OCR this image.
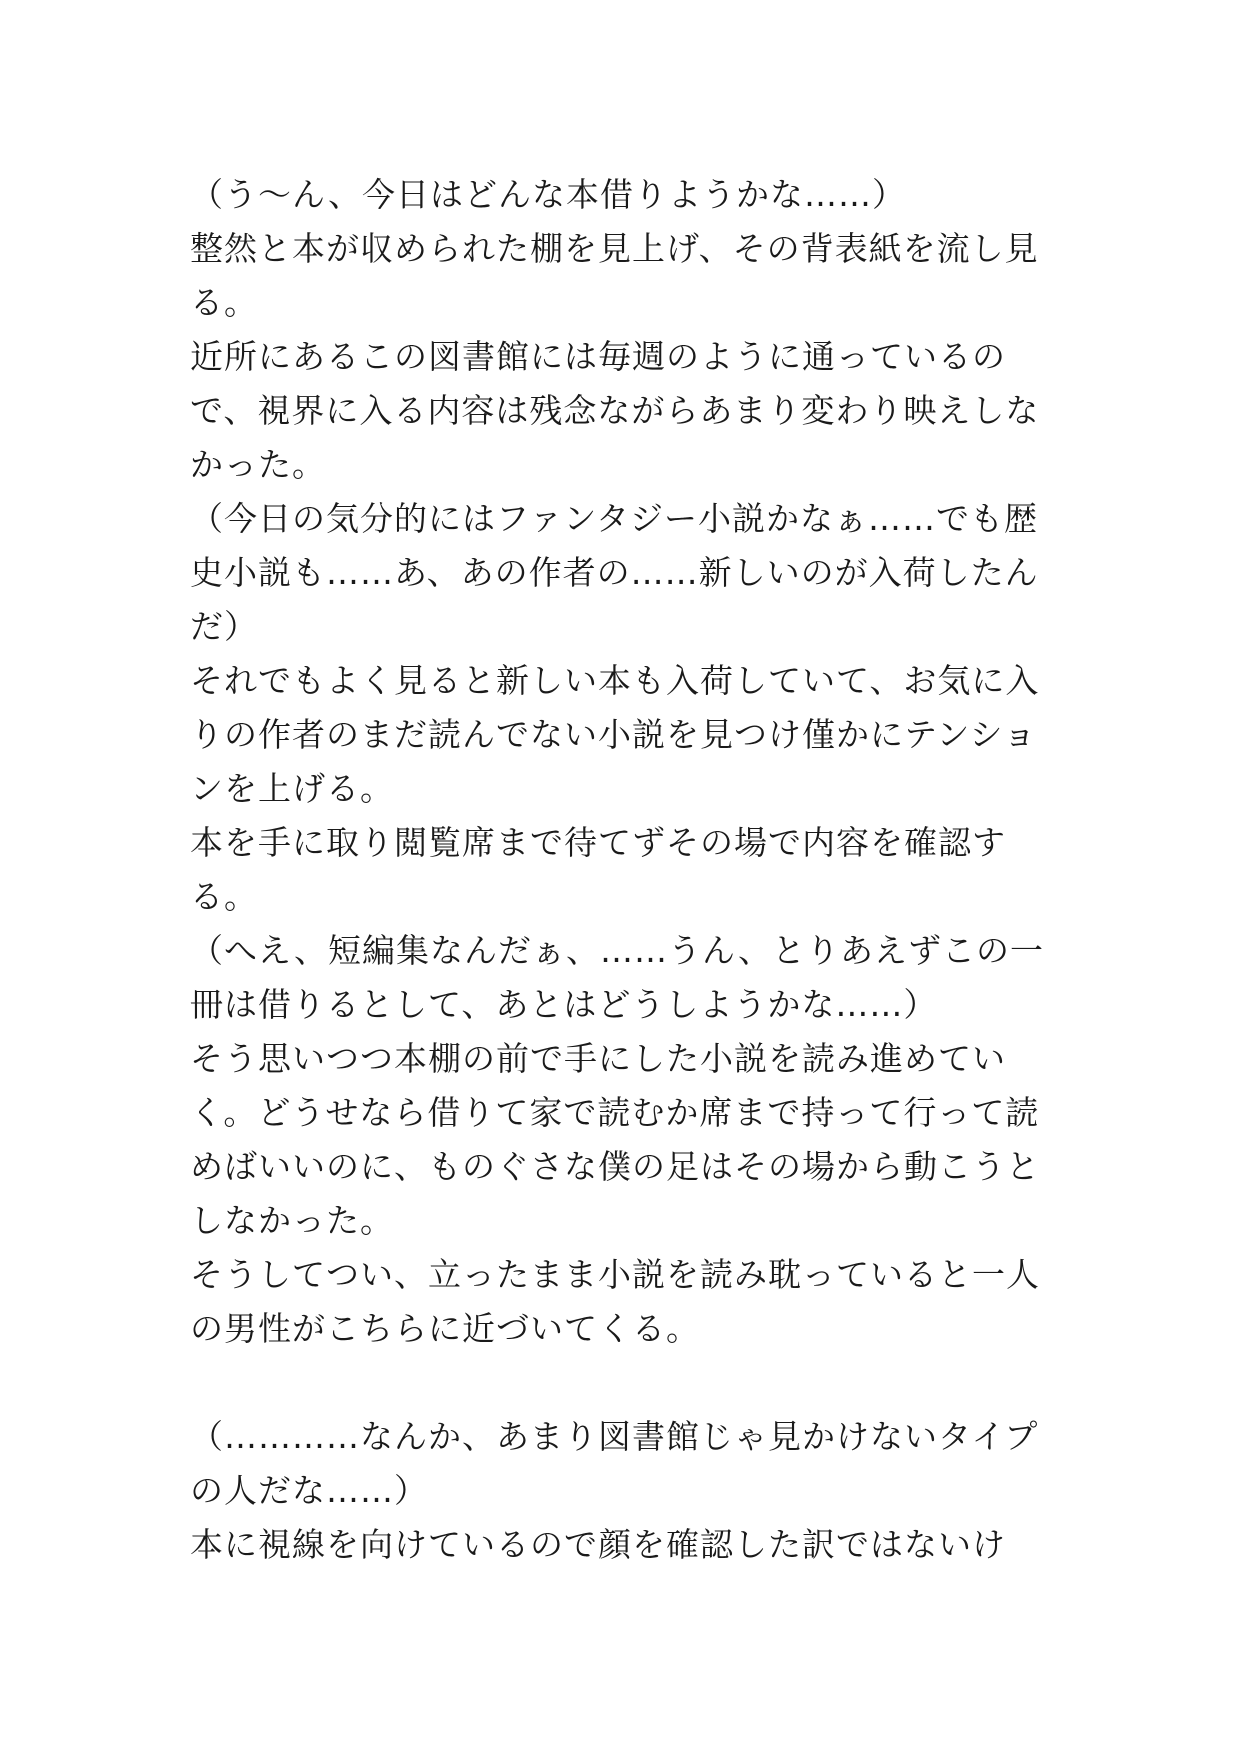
（う〜ん、今日はどんな本借りようかな……）
整然と本が収められた棚を見上げ、その背表紙を流し見
る。
近所にあるこの図書館には毎週のように通っているの
で、視界に入る内容は残念ながらあまり変わり映えしな
かった。
（今日の気分的にはファンタジー小説かなぁ……でも歴
史小説も……あ、あの作者の……新しいのが入荷したん
だ）
それでもよく見ると新しい本も入荷していて、お気に入
りの作者のまだ読んでない小説を見つけ僅かにテンショ
ンを上げる。
本を手に取り閲覧席まで待てずその場で内容を確認す
る。
（へえ、短編集なんだぁ、……うん、とりあえずこの一
冊は借りるとして、あとはどうしようかな……）
そう思いつつ本棚の前で手にした小説を読み進めてい
く。どうせなら借りて家で読むか席まで持って行って読
めばいいのに、ものぐさな僕の足はその場から動こうと
しなかった。
そうしてつい、立ったまま小説を読み耽っていると一人
の男性がこちらに近づいてくる。
（…………なんか、あまり図書館じゃ見かけないタイプ
の人だな……）
本に視線を向けているので顔を確認した訳ではないけ
